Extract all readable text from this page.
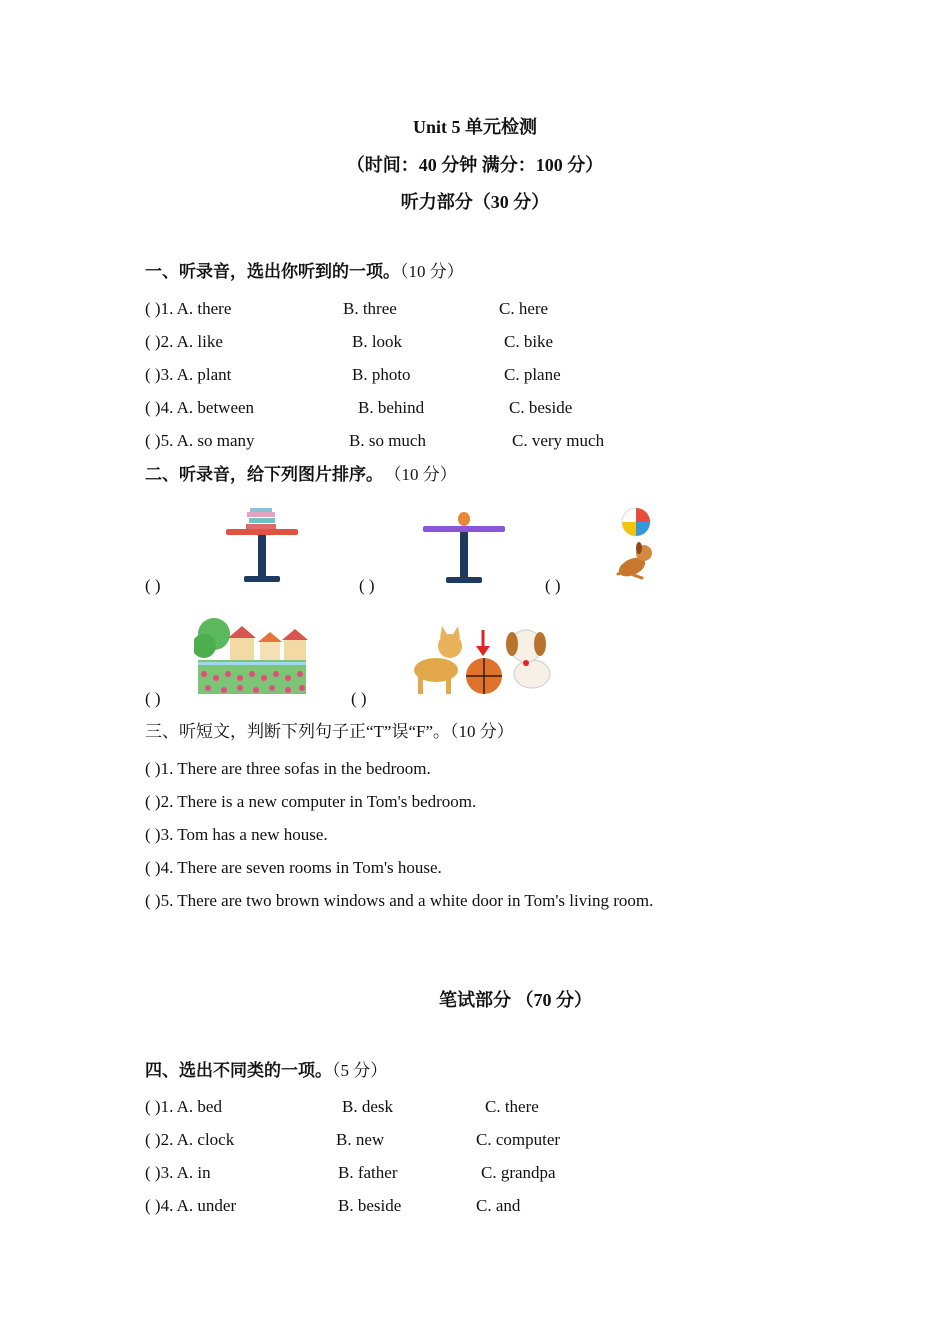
Unit 5 单元检测
（时间：40 分钟 满分：100 分）
听力部分（30 分）
一、听录音，选出你听到的一项。（10 分）
( )1. A. there	B. three	C. here
( )2. A. like	B. look	C. bike
( )3. A. plant	B. photo	C. plane
( )4. A. between	B. behind	C. beside
( )5. A. so many	B. so much	C. very much
二、听录音，给下列图片排序。 （10 分）
( )	( )	( )
( )	( )
三、听短文，判断下列句子正“T”误“F”。（10 分）
( )1. There are three sofas in the bedroom.
( )2. There is a new computer in Tom's bedroom.
( )3. Tom has a new house.
( )4. There are seven rooms in Tom's house.
( )5. There are two brown windows and a white door in Tom's living room.
笔试部分 （70 分）
四、选出不同类的一项。（5 分）
( )1. A. bed	B. desk	C. there
( )2. A. clock	B. new	C. computer
( )3. A. in	B. father	C. grandpa
( )4. A. under	B. beside	C. and
